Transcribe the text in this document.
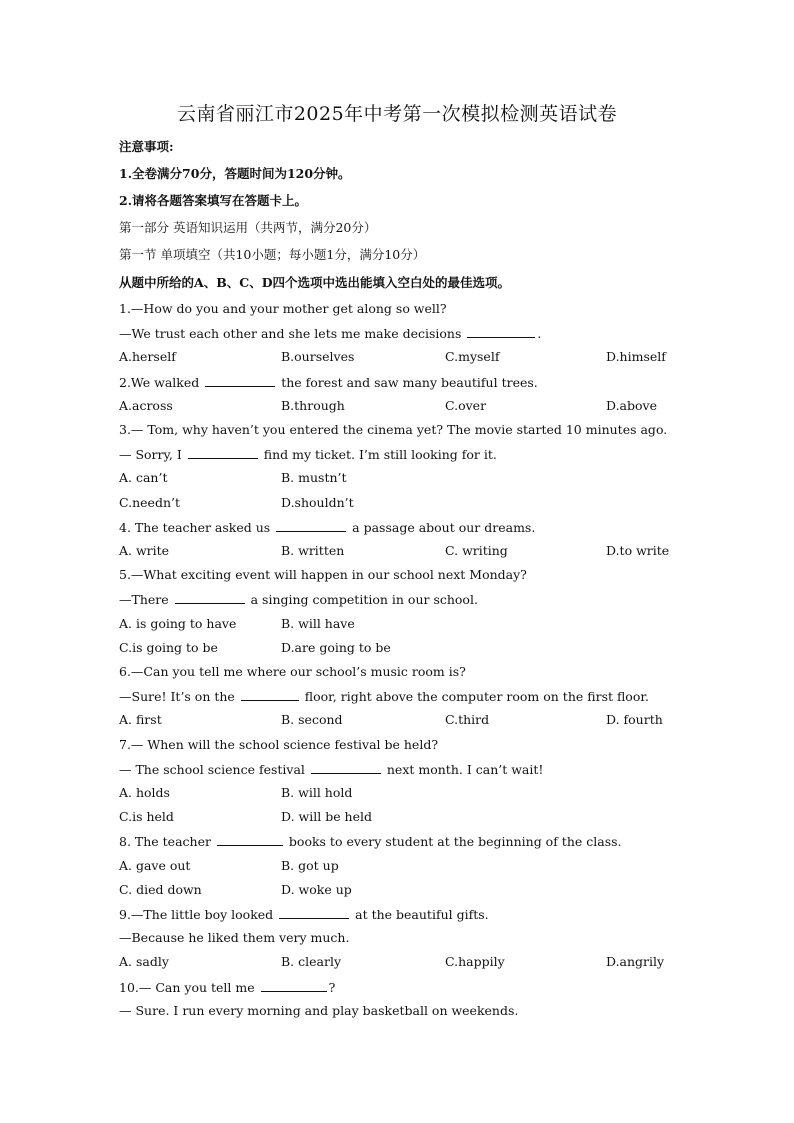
云南省丽江市2025年中考第一次模拟检测英语试卷
注意事项:
1.全卷满分70分，答题时间为120分钟。
2.请将各题答案填写在答题卡上。
第一部分 英语知识运用（共两节，满分20分）
第一节 单项填空（共10小题；每小题1分，满分10分）
从题中所给的A、B、C、D四个选项中选出能填入空白处的最佳选项。
1.—How do you and your mother get along so well?
—We trust each other and she lets me make decisions	.
A.herself	B.ourselves	C.myself	D.himself
2.We walked	the forest and saw many beautiful trees.
A.across	B.through	C.over	D.above
3.— Tom, why haven’t you entered the cinema yet? The movie started 10 minutes ago.
— Sorry, I	find my ticket. I’m still looking for it.
A. can’t	B. mustn’t
C.needn’t	D.shouldn’t
4. The teacher asked us	a passage about our dreams.
A. write	B. written	C. writing	D.to write
5.—What exciting event will happen in our school next Monday?
—There	a singing competition in our school.
A. is going to have	B. will have
C.is going to be	D.are going to be
6.—Can you tell me where our school’s music room is?
—Sure! It’s on the	floor, right above the computer room on the first floor.
A. first	B. second	C.third	D. fourth
7.— When will the school science festival be held?
— The school science festival	next month. I can’t wait!
A. holds	B. will hold
C.is held	D. will be held
8. The teacher	books to every student at the beginning of the class.
A. gave out	B. got up
C. died down	D. woke up
9.—The little boy looked	at the beautiful gifts.
—Because he liked them very much.
A. sadly	B. clearly	C.happily	D.angrily
10.— Can you tell me	?
— Sure. I run every morning and play basketball on weekends.
